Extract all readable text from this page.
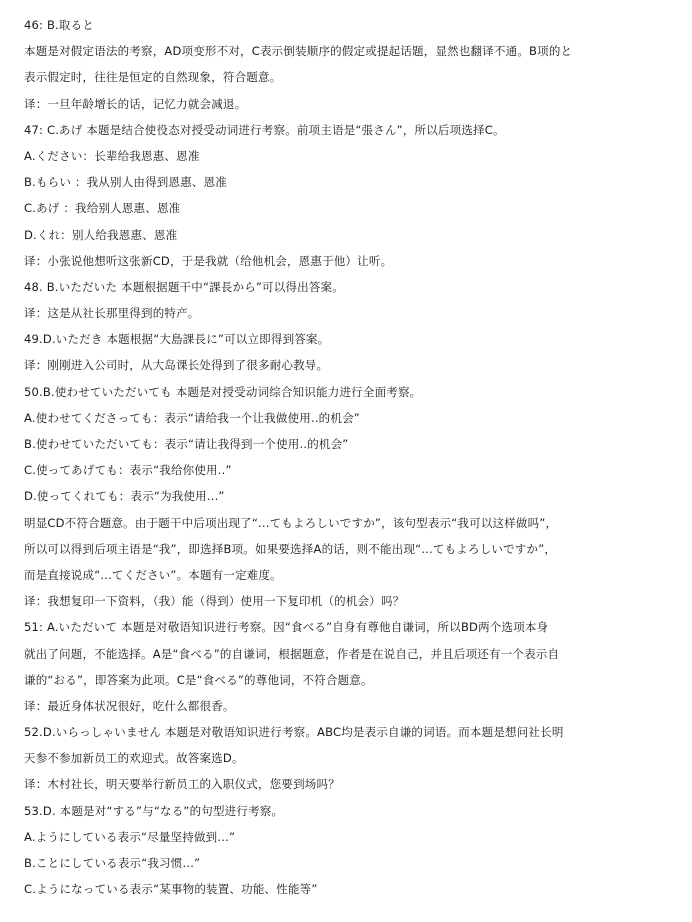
46: B.取ると
本题是对假定语法的考察，AD项变形不对，C表示倒装顺序的假定或提起话题，显然也翻译不通。B项的と
表示假定时，往往是恒定的自然现象，符合题意。
译：一旦年龄增长的话，记忆力就会减退。
47: C.あげ 本题是结合使役态对授受动词进行考察。前项主语是“張さん”，所以后项选择C。
A.ください：长辈给我恩惠、恩准
B.もらい ：我从别人由得到恩惠、恩准
C.あげ ：我给别人恩惠、恩准
D.くれ：别人给我恩惠、恩准
译：小张说他想听这张新CD，于是我就（给他机会，恩惠于他）让听。
48. B.いただいた 本题根据题干中“課長から”可以得出答案。
译：这是从社长那里得到的特产。
49.D.いただき 本题根据“大島課長に”可以立即得到答案。
译：刚刚进入公司时，从大岛课长处得到了很多耐心教导。
50.B.使わせていただいても 本题是对授受动词综合知识能力进行全面考察。
A.使わせてくださっても：表示“请给我一个让我做使用..的机会”
B.使わせていただいても：表示“请让我得到一个使用..的机会”
C.使ってあげても：表示“我给你使用..”
D.使ってくれても：表示“为我使用...”
明显CD不符合题意。由于题干中后项出现了“...てもよろしいですか”，该句型表示“我可以这样做吗”，
所以可以得到后项主语是“我”，即选择B项。如果要选择A的话，则不能出现“...てもよろしいですか”，
而是直接说成“...てください”。本题有一定难度。
译：我想复印一下资料，（我）能（得到）使用一下复印机（的机会）吗？
51: A.いただいて 本题是对敬语知识进行考察。因“食べる”自身有尊他自谦词，所以BD两个选项本身
就出了问题，不能选择。A是“食べる”的自谦词，根据题意，作者是在说自己，并且后项还有一个表示自
谦的“おる”，即答案为此项。C是“食べる”的尊他词，不符合题意。
译：最近身体状况很好，吃什么都很香。
52.D.いらっしゃいません 本题是对敬语知识进行考察。ABC均是表示自谦的词语。而本题是想问社长明
天参不参加新员工的欢迎式。故答案选D。
译：木村社长，明天要举行新员工的入职仪式，您要到场吗？
53.D. 本题是对“する”与“なる”的句型进行考察。
A.ようにしている表示“尽量坚持做到...”
B.ことにしている表示“我习惯...”
C.ようになっている表示“某事物的装置、功能、性能等”
